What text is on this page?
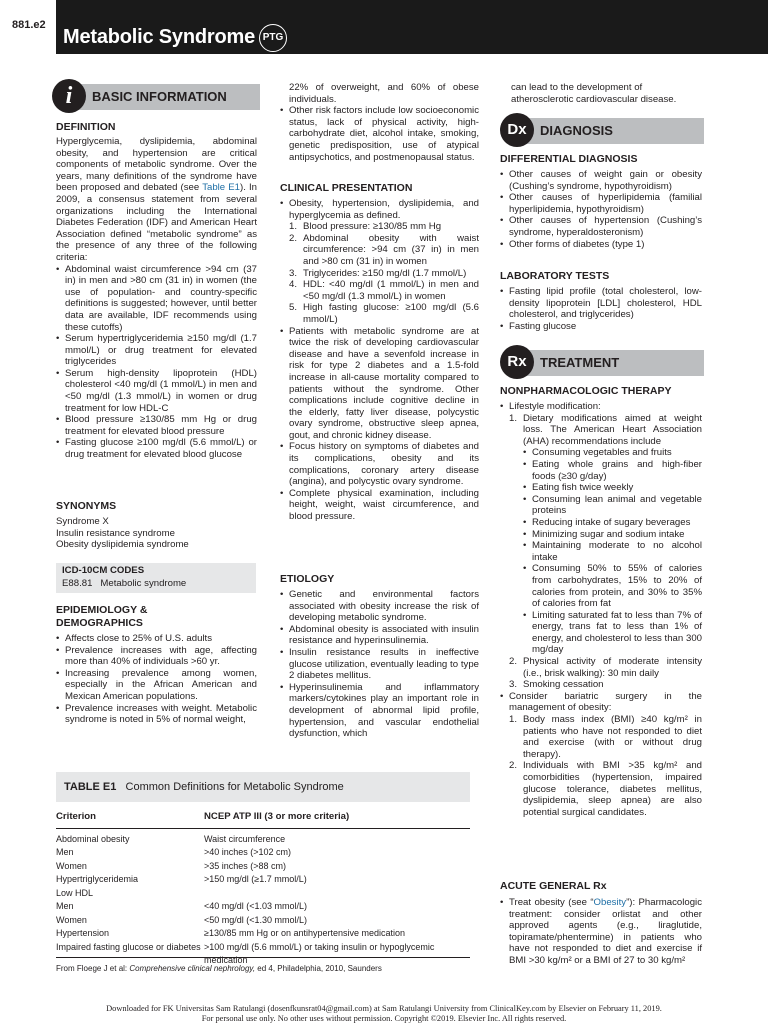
881.e2
Metabolic Syndrome PTG
i	BASIC INFORMATION

DEFINITION

Hyperglycemia, dyslipidemia, abdominal obesity, and hypertension are critical components of metabolic syndrome. Over the years, many definitions of the syndrome have been proposed and debated (see Table E1). In 2009, a consensus statement from several organizations including the International Diabetes Federation (IDF) and American Heart Association defined “metabolic syndrome” as the presence of any three of the following criteria:

• Abdominal waist circumference >94 cm (37 in) in men and >80 cm (31 in) in women (the use of population- and country-specific definitions is suggested; however, until better data are available, IDF recommends using these cutoffs)
• Serum hypertriglyceridemia ≥150 mg/dl (1.7 mmol/L) or drug treatment for elevated triglycerides
• Serum high-density lipoprotein (HDL) cholesterol <40 mg/dl (1 mmol/L) in men and <50 mg/dl (1.3 mmol/L) in women or drug treatment for low HDL-C
• Blood pressure ≥130/85 mm Hg or drug treatment for elevated blood pressure
• Fasting glucose ≥100 mg/dl (5.6 mmol/L) or drug treatment for elevated blood glucose

SYNONYMS

Syndrome X

Insulin resistance syndrome

Obesity dyslipidemia syndrome

ICD-10CM CODES
E88.81 Metabolic syndrome

EPIDEMIOLOGY &

DEMOGRAPHICS

• Affects close to 25% of U.S. adults
• Prevalence increases with age, affecting more than 40% of individuals >60 yr.
• Increasing prevalence among women, especially in the African American and Mexican American populations.
• Prevalence increases with weight. Metabolic syndrome is noted in 5% of normal weight,

22% of overweight, and 60% of obese individuals.

• Other risk factors include low socioeconomic status, lack of physical activity, high-carbohydrate diet, alcohol intake, smoking, genetic predisposition, use of atypical antipsychotics, and postmenopausal status.

CLINICAL PRESENTATION

• Obesity, hypertension, dyslipidemia, and hyperglycemia as defined.
1. Blood pressure: ≥130/85 mm Hg
2. Abdominal obesity with waist circumference: >94 cm (37 in) in men and >80 cm (31 in) in women
3. Triglycerides: ≥150 mg/dl (1.7 mmol/L)
4. HDL: <40 mg/dl (1 mmol/L) in men and <50 mg/dl (1.3 mmol/L) in women
5. High fasting glucose: ≥100 mg/dl (5.6 mmol/L)
• Patients with metabolic syndrome are at twice the risk of developing cardiovascular disease and have a sevenfold increase in risk for type 2 diabetes and a 1.5-fold increase in all-cause mortality compared to patients without the syndrome. Other complications include cognitive decline in the elderly, fatty liver disease, polycystic ovary syndrome, obstructive sleep apnea, gout, and chronic kidney disease.
• Focus history on symptoms of diabetes and its complications, obesity and its complications, coronary artery disease (angina), and polycystic ovary syndrome.
• Complete physical examination, including height, weight, waist circumference, and blood pressure.

ETIOLOGY

• Genetic and environmental factors associated with obesity increase the risk of developing metabolic syndrome.
• Abdominal obesity is associated with insulin resistance and hyperinsulinemia.
• Insulin resistance results in ineffective glucose utilization, eventually leading to type 2 diabetes mellitus.
• Hyperinsulinemia and inflammatory markers/cytokines play an important role in development of abnormal lipid profile, hypertension, and vascular endothelial dysfunction, which

can lead to the development of atherosclerotic cardiovascular disease.

Dx	DIAGNOSIS

DIFFERENTIAL DIAGNOSIS

• Other causes of weight gain or obesity (Cushing’s syndrome, hypothyroidism)
• Other causes of hyperlipidemia (familial hyperlipidemia, hypothyroidism)
• Other causes of hypertension (Cushing’s syndrome, hyperaldosteronism)
• Other forms of diabetes (type 1)

LABORATORY TESTS

• Fasting lipid profile (total cholesterol, low-density lipoprotein [LDL] cholesterol, HDL cholesterol, and triglycerides)
• Fasting glucose
Rx	TREATMENT

NONPHARMACOLOGIC THERAPY

• Lifestyle modification:
1. Dietary modifications aimed at weight loss. The American Heart Association (AHA) recommendations include
• Consuming vegetables and fruits
• Eating whole grains and high-fiber foods (≥30 g/day)
• Eating fish twice weekly
• Consuming lean animal and vegetable proteins
• Reducing intake of sugary beverages
• Minimizing sugar and sodium intake
• Maintaining moderate to no alcohol intake
• Consuming 50% to 55% of calories from carbohydrates, 15% to 20% of calories from protein, and 30% to 35% of calories from fat
• Limiting saturated fat to less than 7% of energy, trans fat to less than 1% of energy, and cholesterol to less than 300 mg/day
2. Physical activity of moderate intensity (i.e., brisk walking): 30 min daily
3. Smoking cessation
• Consider bariatric surgery in the management of obesity:
1. Body mass index (BMI) ≥40 kg/m² in patients who have not responded to diet and exercise (with or without drug therapy).
2. Individuals with BMI >35 kg/m² and comorbidities (hypertension, impaired glucose tolerance, diabetes mellitus, dyslipidemia, sleep apnea) are also potential surgical candidates.

ACUTE GENERAL Rx

• Treat obesity (see “Obesity”): Pharmacologic treatment: consider orlistat and other approved agents (e.g., liraglutide, topiramate/phentermine) in patients who have not responded to diet and exercise if BMI >30 kg/m² or a BMI of 27 to 30 kg/m²
TABLE E1 Common Definitions for Metabolic Syndrome
Criterion	NCEP ATP III (3 or more criteria)
Abdominal obesity	Waist circumference
Men	>40 inches (>102 cm)
Women	>35 inches (>88 cm)
Hypertriglyceridemia	>150 mg/dl (≥1.7 mmol/L)
Low HDL
Men	<40 mg/dl (<1.03 mmol/L)
Women	<50 mg/dl (<1.30 mmol/L)
Hypertension	≥130/85 mm Hg or on antihypertensive medication
Impaired fasting glucose or diabetes >100 mg/dl (5.6 mmol/L) or taking insulin or hypoglycemic medication
From Floege J et al: Comprehensive clinical nephrology, ed 4, Philadelphia, 2010, Saunders
Downloaded for FK Universitas Sam Ratulangi (dosenfkunsrat04@gmail.com) at Sam Ratulangi University from ClinicalKey.com by Elsevier on February 11, 2019.
For personal use only. No other uses without permission. Copyright ©2019. Elsevier Inc. All rights reserved.
